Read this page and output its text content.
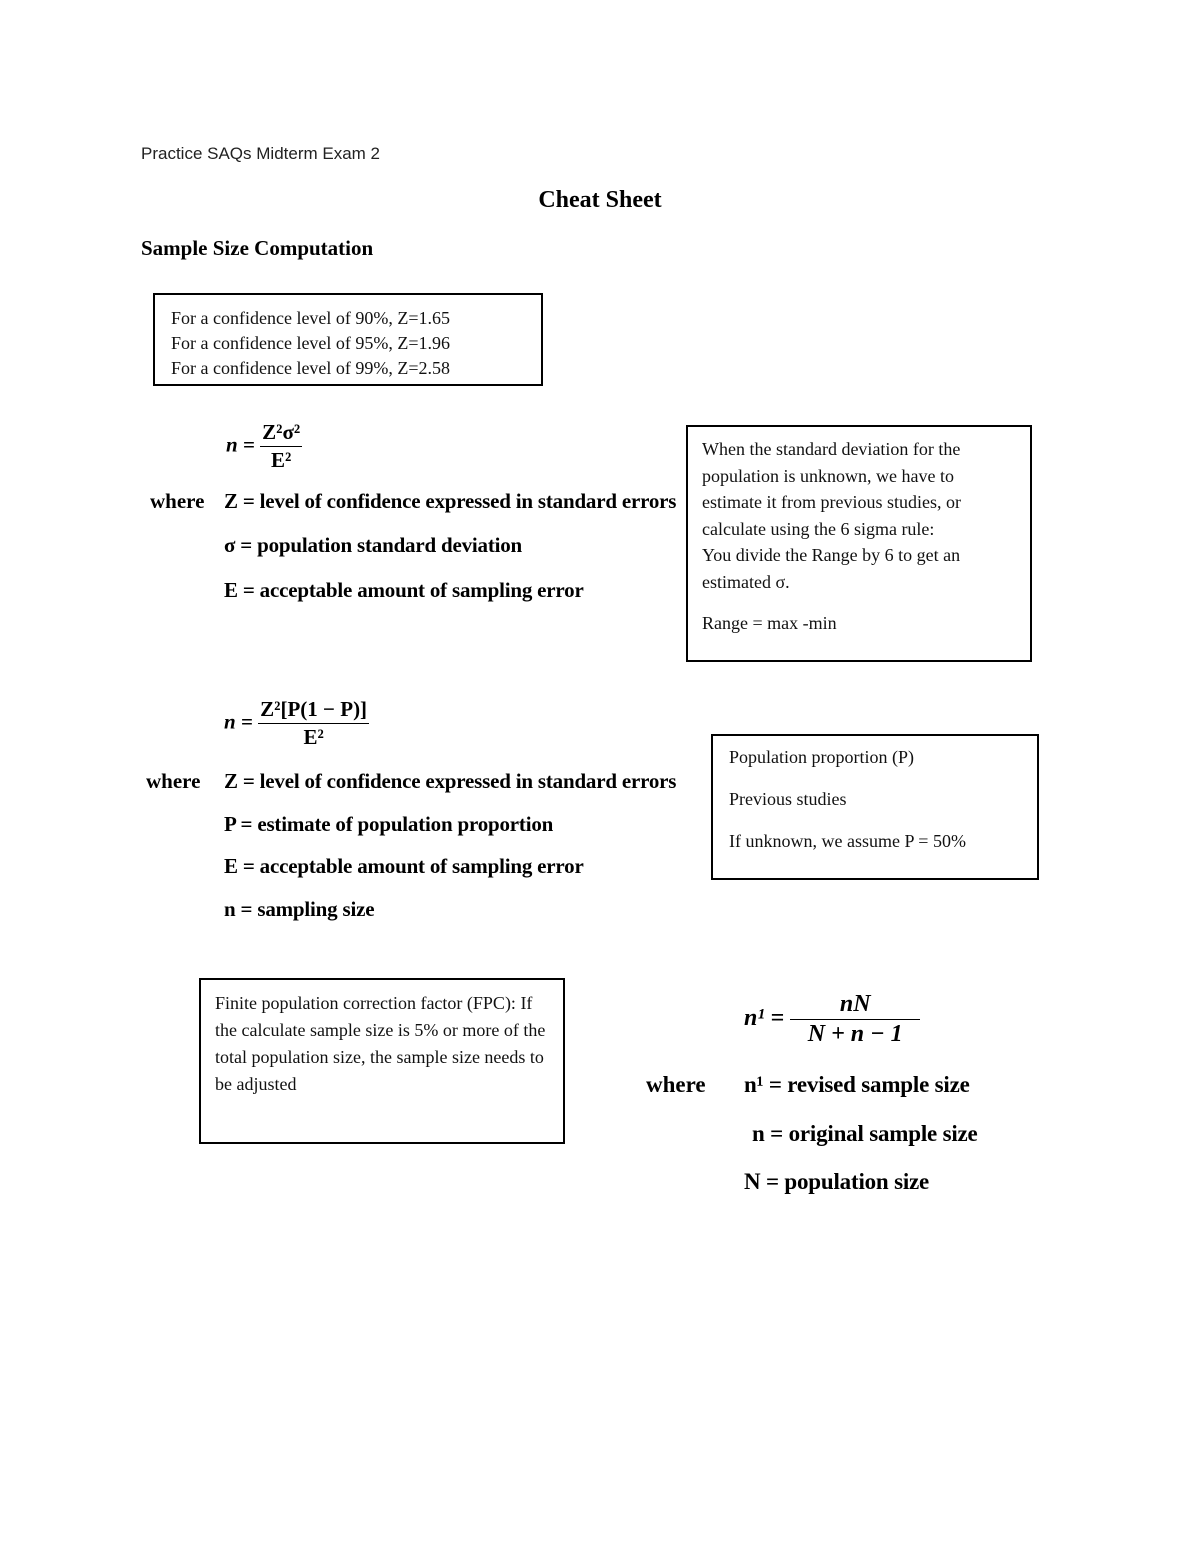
Practice SAQs Midterm Exam 2
Cheat Sheet
Sample Size Computation

For a confidence level of 90%, Z=1.65

For a confidence level of 95%, Z=1.96

For a confidence level of 99%, Z=2.58

$n = \frac{\text{Z²σ²}}{\text{E²}}$
where Z = level of confidence expressed in standard errors
σ = population standard deviation
E = acceptable amount of sampling error

When the standard deviation for the

population is unknown, we have to

estimate it from previous studies, or

calculate using the 6 sigma rule:

You divide the Range by 6 to get an

estimated σ.

Range = max -min

$n = \frac{\text{Z²[P(1 − P)]}}{\text{E²}}$
where Z = level of confidence expressed in standard errors
P = estimate of population proportion
E = acceptable amount of sampling error
n = sampling size

Population proportion (P)

Previous studies

If unknown, we assume P = 50%

Finite population correction factor (FPC): If the calculate sample size is 5% or more of the total population size, the sample size needs to be adjusted

$n^1 = \frac{nN}{N + n - 1}$
where n¹ = revised sample size
n = original sample size
N = population size
